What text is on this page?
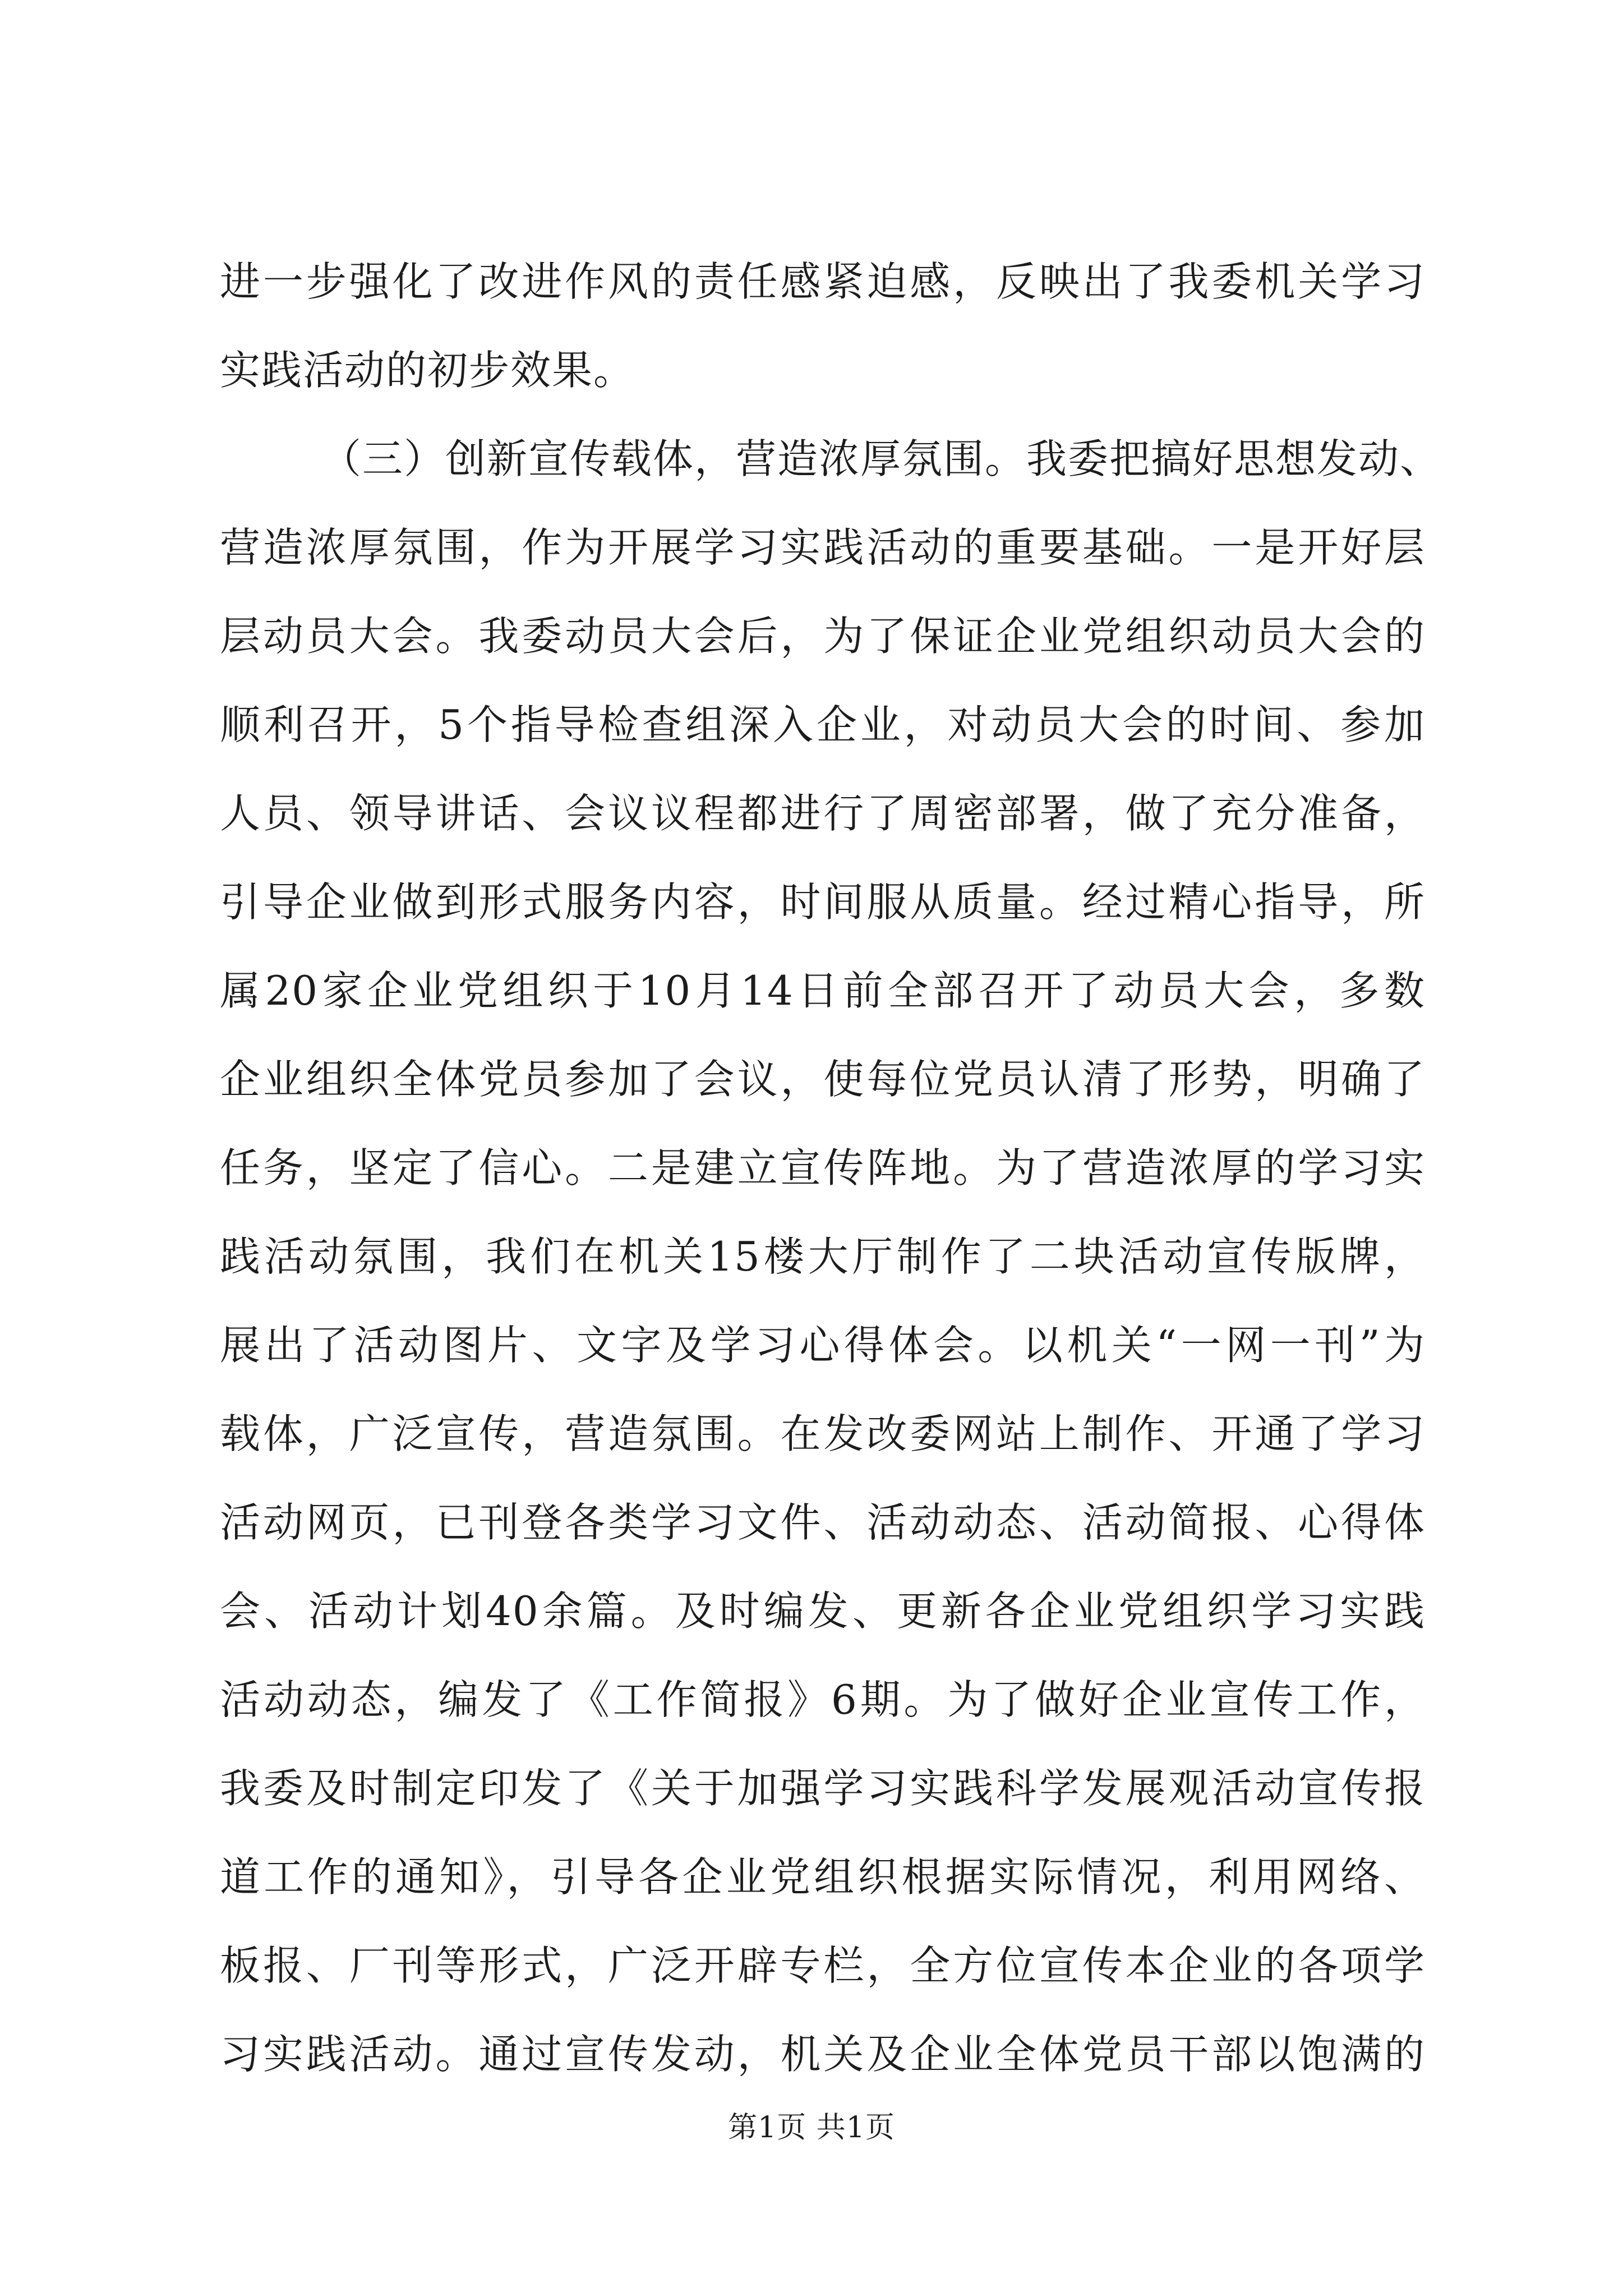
进一步强化了改进作风的责任感紧迫感，反映出了我委机关学习
实践活动的初步效果。
（三）创新宣传载体，营造浓厚氛围。我委把搞好思想发动、
营造浓厚氛围，作为开展学习实践活动的重要基础。一是开好层
层动员大会。我委动员大会后，为了保证企业党组织动员大会的
顺利召开，5个指导检查组深入企业，对动员大会的时间、参加
人员、领导讲话、会议议程都进行了周密部署，做了充分准备，
引导企业做到形式服务内容，时间服从质量。经过精心指导，所
属20家企业党组织于10月14日前全部召开了动员大会，多数
企业组织全体党员参加了会议，使每位党员认清了形势，明确了
任务，坚定了信心。二是建立宣传阵地。为了营造浓厚的学习实
践活动氛围，我们在机关15楼大厅制作了二块活动宣传版牌，
展出了活动图片、文字及学习心得体会。以机关“一网一刊”为
载体，广泛宣传，营造氛围。在发改委网站上制作、开通了学习
活动网页，已刊登各类学习文件、活动动态、活动简报、心得体
会、活动计划40余篇。及时编发、更新各企业党组织学习实践
活动动态，编发了《工作简报》6期。为了做好企业宣传工作，
我委及时制定印发了《关于加强学习实践科学发展观活动宣传报
道工作的通知》，引导各企业党组织根据实际情况，利用网络、
板报、厂刊等形式，广泛开辟专栏，全方位宣传本企业的各项学
习实践活动。通过宣传发动，机关及企业全体党员干部以饱满的
第1页 共1页
